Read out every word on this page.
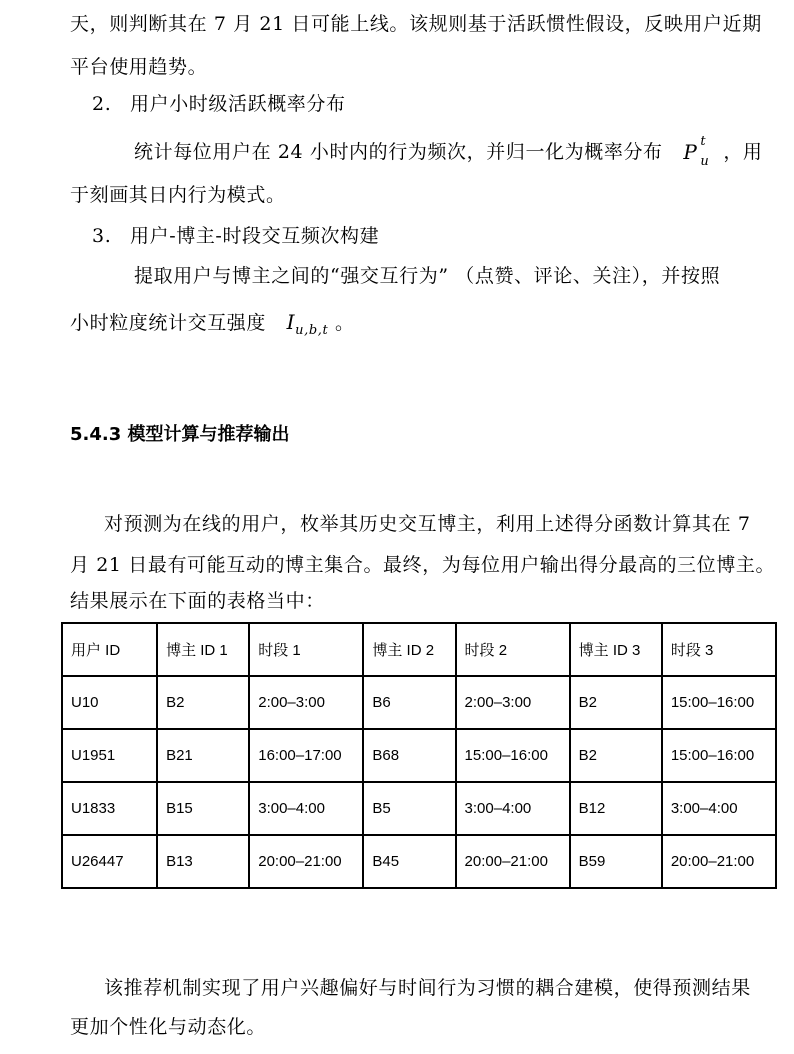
天，则判断其在 7 月 21 日可能上线。该规则基于活跃惯性假设，反映用户近期
平台使用趋势。
2. 用户小时级活跃概率分布
统计每位用户在 24 小时内的行为频次，并归一化为概率分布 P t
u ，用
于刻画其日内行为模式。
3. 用户-博主-时段交互频次构建
提取用户与博主之间的“强交互行为” （点赞、评论、关注），并按照
小时粒度统计交互强度 $I_{u,b,t}$ 。
5.4.3 模型计算与推荐输出
对预测为在线的用户，枚举其历史交互博主，利用上述得分函数计算其在 7
月 21 日最有可能互动的博主集合。最终，为每位用户输出得分最高的三位博主。
结果展示在下面的表格当中：
用户 ID	博主 ID 1	时段 1	博主 ID 2	时段 2	博主 ID 3	时段 3
U10	B2	2:00–3:00	B6	2:00–3:00	B2	15:00–16:00
U1951	B21	16:00–17:00	B68	15:00–16:00	B2	15:00–16:00
U1833	B15	3:00–4:00	B5	3:00–4:00	B12	3:00–4:00
U26447	B13	20:00–21:00	B45	20:00–21:00	B59	20:00–21:00
该推荐机制实现了用户兴趣偏好与时间行为习惯的耦合建模，使得预测结果
更加个性化与动态化。
